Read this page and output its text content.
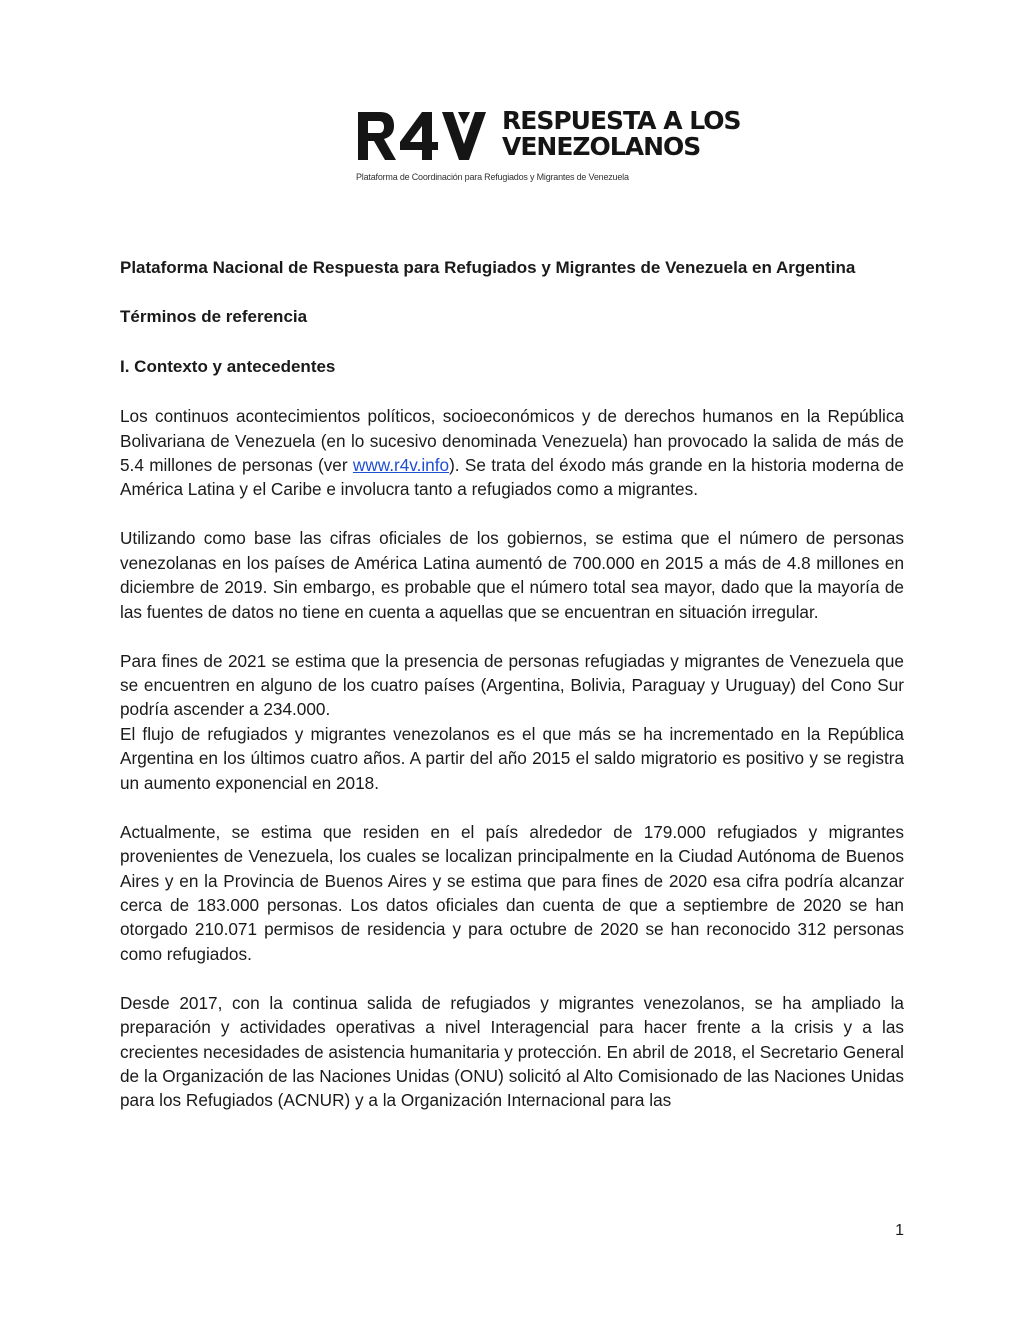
RESPUESTA A LOS
VENEZOLANOS
Plataforma de Coordinación para Refugiados y Migrantes de Venezuela

Plataforma Nacional de Respuesta para Refugiados y Migrantes de Venezuela en Argentina

Términos de referencia

I. Contexto y antecedentes

Los continuos acontecimientos políticos, socioeconómicos y de derechos humanos en la República Bolivariana de Venezuela (en lo sucesivo denominada Venezuela) han provocado la salida de más de 5.4 millones de personas (ver www.r4v.info). Se trata del éxodo más grande en la historia moderna de América Latina y el Caribe e involucra tanto a refugiados como a migrantes.

Utilizando como base las cifras oficiales de los gobiernos, se estima que el número de personas venezolanas en los países de América Latina aumentó de 700.000 en 2015 a más de 4.8 millones en diciembre de 2019. Sin embargo, es probable que el número total sea mayor, dado que la mayoría de las fuentes de datos no tiene en cuenta a aquellas que se encuentran en situación irregular.

Para fines de 2021 se estima que la presencia de personas refugiadas y migrantes de Venezuela que se encuentren en alguno de los cuatro países (Argentina, Bolivia, Paraguay y Uruguay) del Cono Sur podría ascender a 234.000.

El flujo de refugiados y migrantes venezolanos es el que más se ha incrementado en la República Argentina en los últimos cuatro años. A partir del año 2015 el saldo migratorio es positivo y se registra un aumento exponencial en 2018.

Actualmente, se estima que residen en el país alrededor de 179.000 refugiados y migrantes provenientes de Venezuela, los cuales se localizan principalmente en la Ciudad Autónoma de Buenos Aires y en la Provincia de Buenos Aires y se estima que para fines de 2020 esa cifra podría alcanzar cerca de 183.000 personas. Los datos oficiales dan cuenta de que a septiembre de 2020 se han otorgado 210.071 permisos de residencia y para octubre de 2020 se han reconocido 312 personas como refugiados.

Desde 2017, con la continua salida de refugiados y migrantes venezolanos, se ha ampliado la preparación y actividades operativas a nivel Interagencial para hacer frente a la crisis y a las crecientes necesidades de asistencia humanitaria y protección. En abril de 2018, el Secretario General de la Organización de las Naciones Unidas (ONU) solicitó al Alto Comisionado de las Naciones Unidas para los Refugiados (ACNUR) y a la Organización Internacional para las

1
